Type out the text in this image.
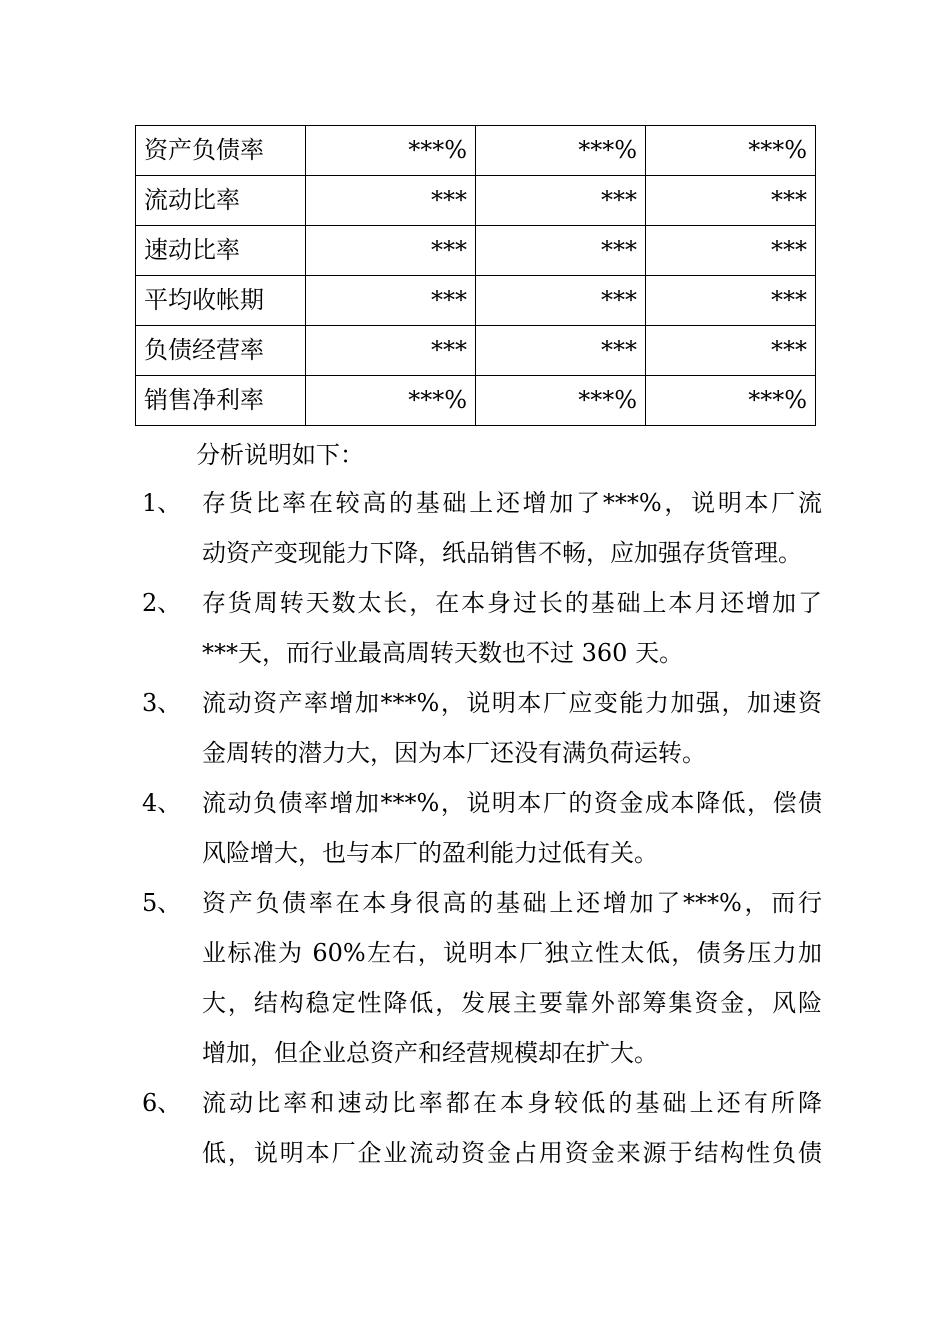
资产负债率	***%	***%	***%
流动比率	***	***	***
速动比率	***	***	***
平均收帐期	***	***	***
负债经营率	***	***	***
销售净利率	***%	***%	***%
分析说明如下：
1、 存货比率在较高的基础上还增加了***%，说明本厂流
动资产变现能力下降，纸品销售不畅，应加强存货管理。
2、 存货周转天数太长，在本身过长的基础上本月还增加了
***天，而行业最高周转天数也不过 360 天。
3、 流动资产率增加***%，说明本厂应变能力加强，加速资
金周转的潜力大，因为本厂还没有满负荷运转。
4、 流动负债率增加***%，说明本厂的资金成本降低，偿债
风险增大，也与本厂的盈利能力过低有关。
5、 资产负债率在本身很高的基础上还增加了***%，而行
业标准为 60%左右，说明本厂独立性太低，债务压力加
大，结构稳定性降低，发展主要靠外部筹集资金，风险
增加，但企业总资产和经营规模却在扩大。
6、 流动比率和速动比率都在本身较低的基础上还有所降
低，说明本厂企业流动资金占用资金来源于结构性负债
